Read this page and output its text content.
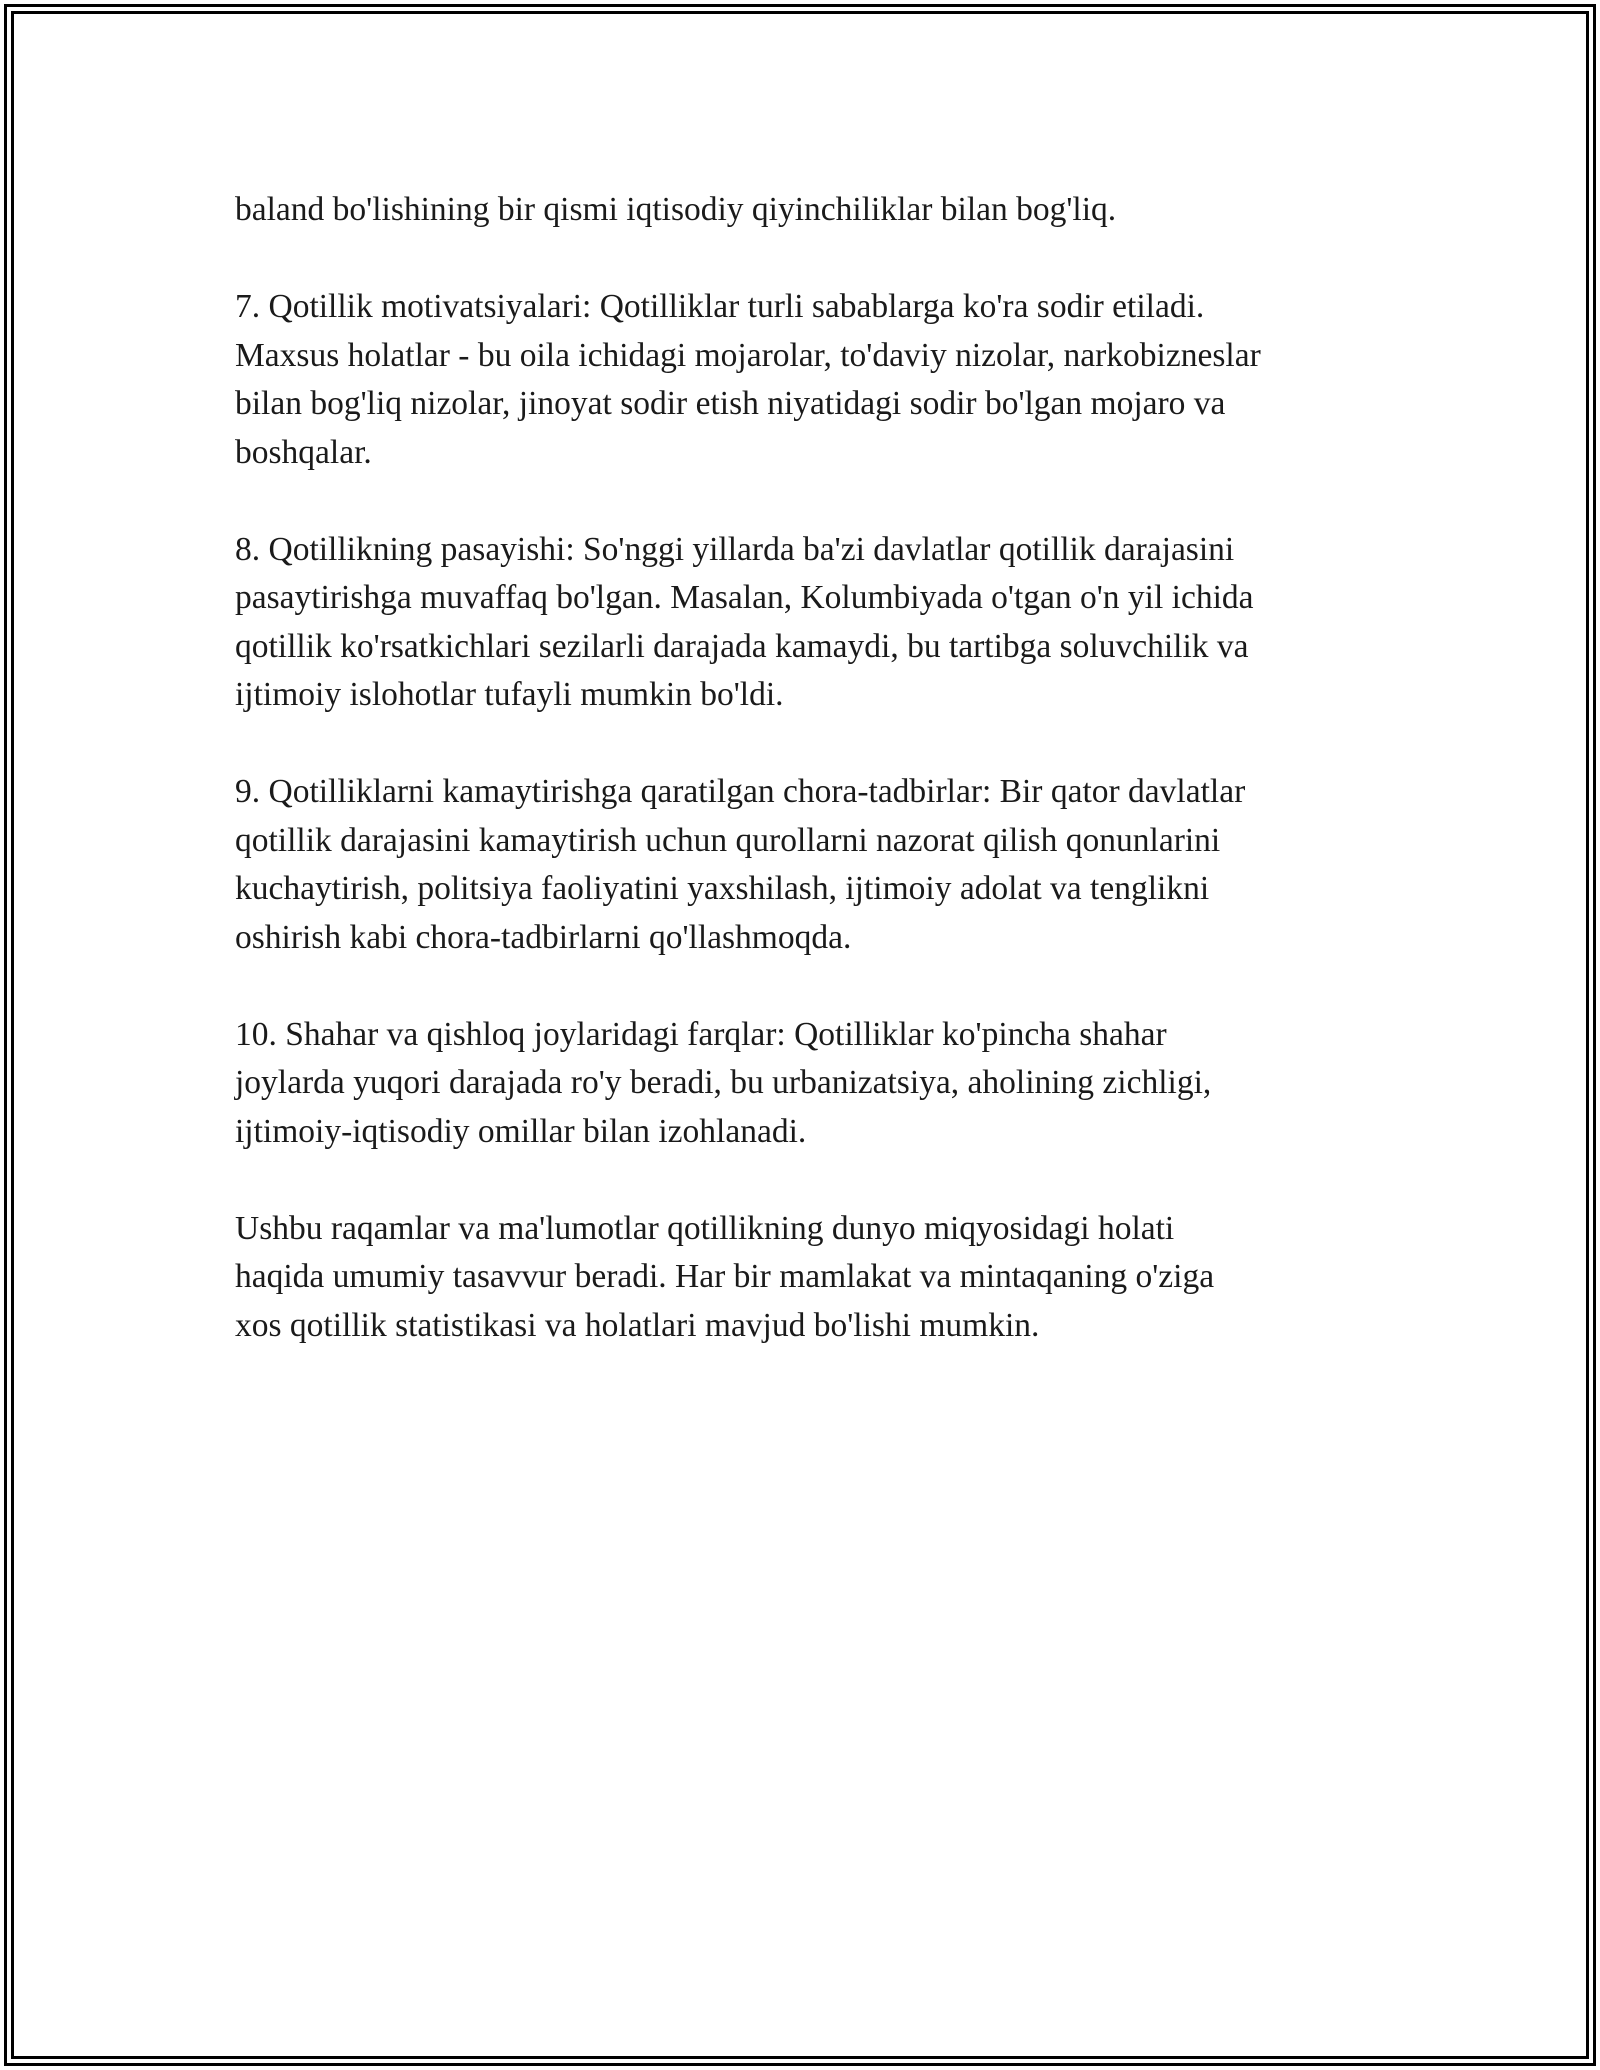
baland bo'lishining bir qismi iqtisodiy qiyinchiliklar bilan bog'liq.

7. Qotillik motivatsiyalari: Qotilliklar turli sabablarga ko'ra sodir etiladi.
Maxsus holatlar - bu oila ichidagi mojarolar, to'daviy nizolar, narkobizneslar
bilan bog'liq nizolar, jinoyat sodir etish niyatidagi sodir bo'lgan mojaro va
boshqalar.

8. Qotillikning pasayishi: So'nggi yillarda ba'zi davlatlar qotillik darajasini
pasaytirishga muvaffaq bo'lgan. Masalan, Kolumbiyada o'tgan o'n yil ichida
qotillik ko'rsatkichlari sezilarli darajada kamaydi, bu tartibga soluvchilik va
ijtimoiy islohotlar tufayli mumkin bo'ldi.

9. Qotilliklarni kamaytirishga qaratilgan chora-tadbirlar: Bir qator davlatlar
qotillik darajasini kamaytirish uchun qurollarni nazorat qilish qonunlarini
kuchaytirish, politsiya faoliyatini yaxshilash, ijtimoiy adolat va tenglikni
oshirish kabi chora-tadbirlarni qo'llashmoqda.

10. Shahar va qishloq joylaridagi farqlar: Qotilliklar ko'pincha shahar
joylarda yuqori darajada ro'y beradi, bu urbanizatsiya, aholining zichligi,
ijtimoiy-iqtisodiy omillar bilan izohlanadi.

Ushbu raqamlar va ma'lumotlar qotillikning dunyo miqyosidagi holati
haqida umumiy tasavvur beradi. Har bir mamlakat va mintaqaning o'ziga
xos qotillik statistikasi va holatlari mavjud bo'lishi mumkin.
